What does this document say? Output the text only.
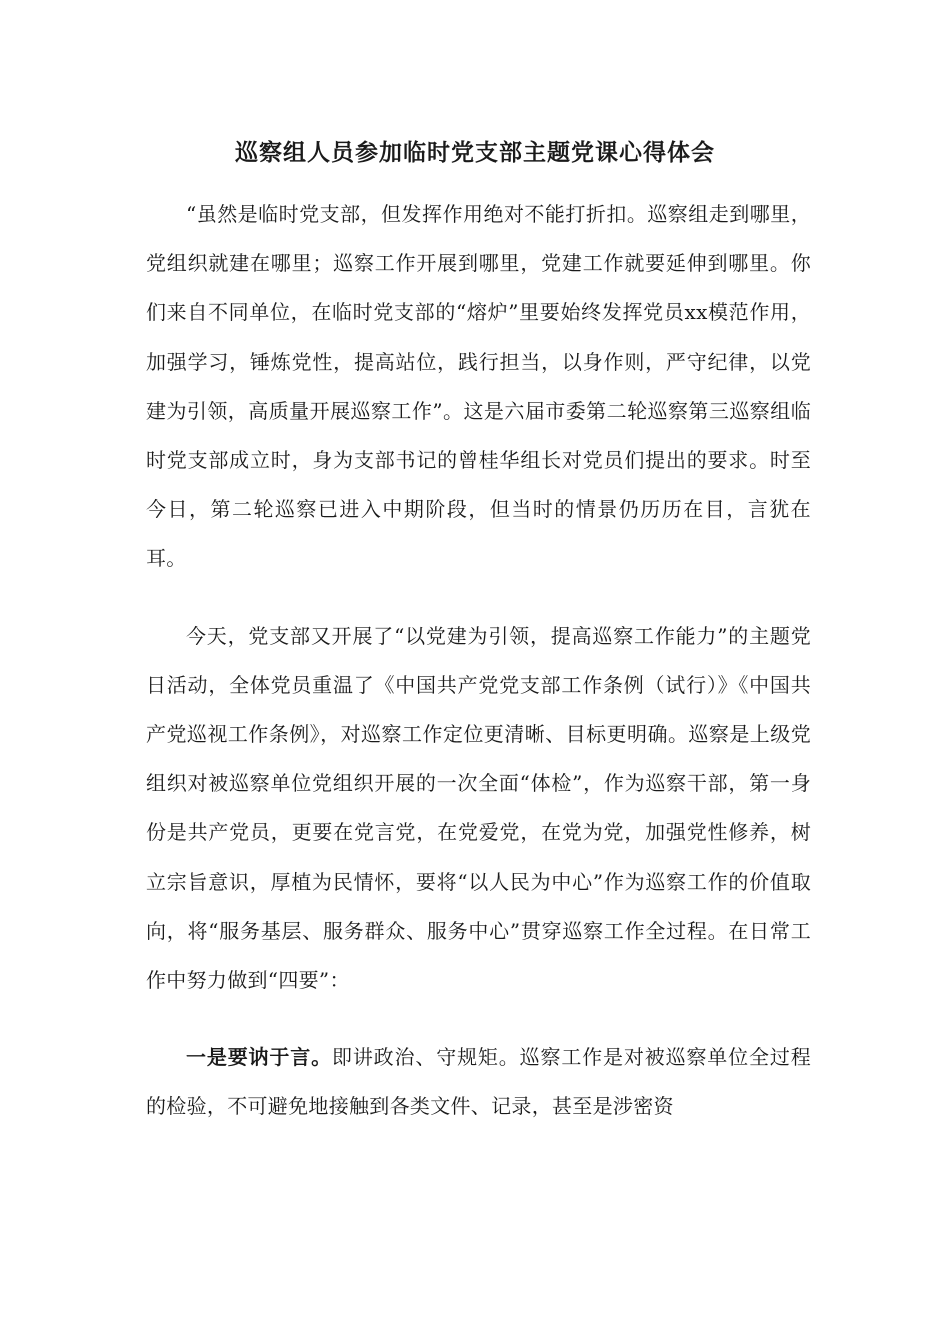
巡察组人员参加临时党支部主题党课心得体会

“虽然是临时党支部，但发挥作用绝对不能打折扣。巡察组走到哪里，党组织就建在哪里；巡察工作开展到哪里，党建工作就要延伸到哪里。你们来自不同单位，在临时党支部的“熔炉”里要始终发挥党员xx模范作用，加强学习，锤炼党性，提高站位，践行担当，以身作则，严守纪律，以党建为引领，高质量开展巡察工作”。这是六届市委第二轮巡察第三巡察组临时党支部成立时，身为支部书记的曾桂华组长对党员们提出的要求。时至今日，第二轮巡察已进入中期阶段，但当时的情景仍历历在目，言犹在耳。

今天，党支部又开展了“以党建为引领，提高巡察工作能力”的主题党日活动，全体党员重温了《中国共产党党支部工作条例（试行）》《中国共产党巡视工作条例》，对巡察工作定位更清晰、目标更明确。巡察是上级党组织对被巡察单位党组织开展的一次全面“体检”，作为巡察干部，第一身份是共产党员，更要在党言党，在党爱党，在党为党，加强党性修养，树立宗旨意识，厚植为民情怀，要将“以人民为中心”作为巡察工作的价值取向，将“服务基层、服务群众、服务中心”贯穿巡察工作全过程。在日常工作中努力做到“四要”：

一是要讷于言。即讲政治、守规矩。巡察工作是对被巡察单位全过程的检验，不可避免地接触到各类文件、记录，甚至是涉密资
